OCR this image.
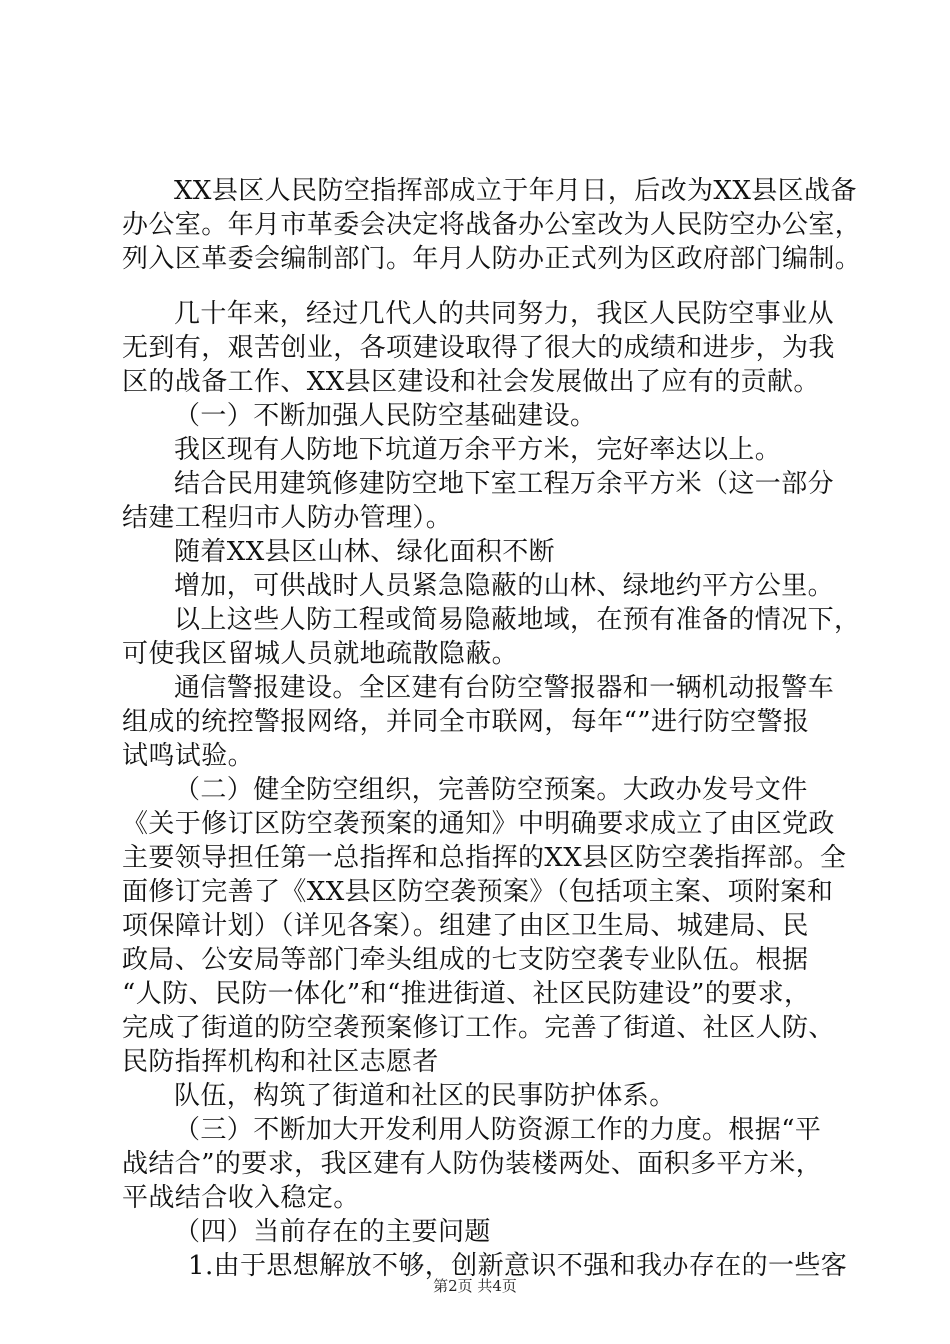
XX县区人民防空指挥部成立于年月日，后改为XX县区战备
办公室。年月市革委会决定将战备办公室改为人民防空办公室，
列入区革委会编制部门。年月人防办正式列为区政府部门编制。
几十年来，经过几代人的共同努力，我区人民防空事业从
无到有，艰苦创业，各项建设取得了很大的成绩和进步，为我
区的战备工作、XX县区建设和社会发展做出了应有的贡献。
（一）不断加强人民防空基础建设。
我区现有人防地下坑道万余平方米，完好率达以上。
结合民用建筑修建防空地下室工程万余平方米（这一部分
结建工程归市人防办管理）。
随着XX县区山林、绿化面积不断
增加，可供战时人员紧急隐蔽的山林、绿地约平方公里。
以上这些人防工程或简易隐蔽地域，在预有准备的情况下，
可使我区留城人员就地疏散隐蔽。
通信警报建设。全区建有台防空警报器和一辆机动报警车
组成的统控警报网络，并同全市联网，每年“”进行防空警报
试鸣试验。
（二）健全防空组织，完善防空预案。大政办发号文件
《关于修订区防空袭预案的通知》中明确要求成立了由区党政
主要领导担任第一总指挥和总指挥的XX县区防空袭指挥部。全
面修订完善了《XX县区防空袭预案》（包括项主案、项附案和
项保障计划）（详见各案）。组建了由区卫生局、城建局、民
政局、公安局等部门牵头组成的七支防空袭专业队伍。根据
“人防、民防一体化”和“推进街道、社区民防建设”的要求，
完成了街道的防空袭预案修订工作。完善了街道、社区人防、
民防指挥机构和社区志愿者
队伍，构筑了街道和社区的民事防护体系。
（三）不断加大开发利用人防资源工作的力度。根据“平
战结合”的要求，我区建有人防伪装楼两处、面积多平方米，
平战结合收入稳定。
（四）当前存在的主要问题
1.由于思想解放不够，创新意识不强和我办存在的一些客
第2页 共4页
